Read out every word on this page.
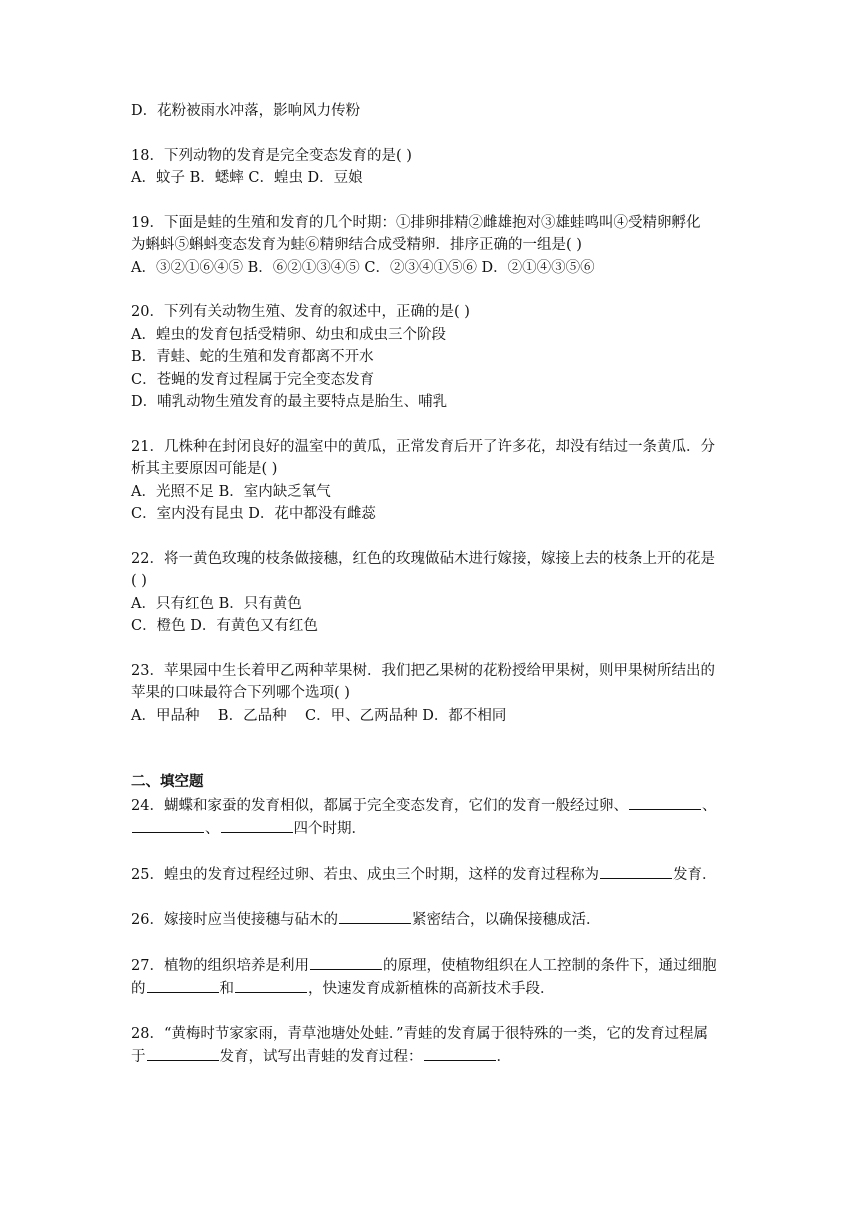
D．花粉被雨水冲落，影响风力传粉
18．下列动物的发育是完全变态发育的是( )
A．蚊子 B．蟋蟀 C．蝗虫 D．豆娘
19．下面是蛙的生殖和发育的几个时期：①排卵排精②雌雄抱对③雄蛙鸣叫④受精卵孵化
为蝌蚪⑤蝌蚪变态发育为蛙⑥精卵结合成受精卵．排序正确的一组是( )
A．③②①⑥④⑤ B．⑥②①③④⑤ C．②③④①⑤⑥ D．②①④③⑤⑥
20．下列有关动物生殖、发育的叙述中，正确的是( )
A．蝗虫的发育包括受精卵、幼虫和成虫三个阶段
B．青蛙、蛇的生殖和发育都离不开水
C．苍蝇的发育过程属于完全变态发育
D．哺乳动物生殖发育的最主要特点是胎生、哺乳
21．几株种在封闭良好的温室中的黄瓜，正常发育后开了许多花，却没有结过一条黄瓜．分
析其主要原因可能是( )
A．光照不足 B．室内缺乏氧气
C．室内没有昆虫 D．花中都没有雌蕊
22．将一黄色玫瑰的枝条做接穗，红色的玫瑰做砧木进行嫁接，嫁接上去的枝条上开的花是
( )
A．只有红色 B．只有黄色
C．橙色 D．有黄色又有红色
23．苹果园中生长着甲乙两种苹果树．我们把乙果树的花粉授给甲果树，则甲果树所结出的
苹果的口味最符合下列哪个选项( )
A．甲品种    B．乙品种    C．甲、乙两品种 D．都不相同
二、填空题
24．蝴蝶和家蚕的发育相似，都属于完全变态发育，它们的发育一般经过卵、	、
、	四个时期．
25．蝗虫的发育过程经过卵、若虫、成虫三个时期，这样的发育过程称为	发育．
26．嫁接时应当使接穗与砧木的	紧密结合，以确保接穗成活．
27．植物的组织培养是利用	的原理，使植物组织在人工控制的条件下，通过细胞
的	和	，快速发育成新植株的高新技术手段．
28．“黄梅时节家家雨，青草池塘处处蛙．”青蛙的发育属于很特殊的一类，它的发育过程属
于	发育，试写出青蛙的发育过程：	．
